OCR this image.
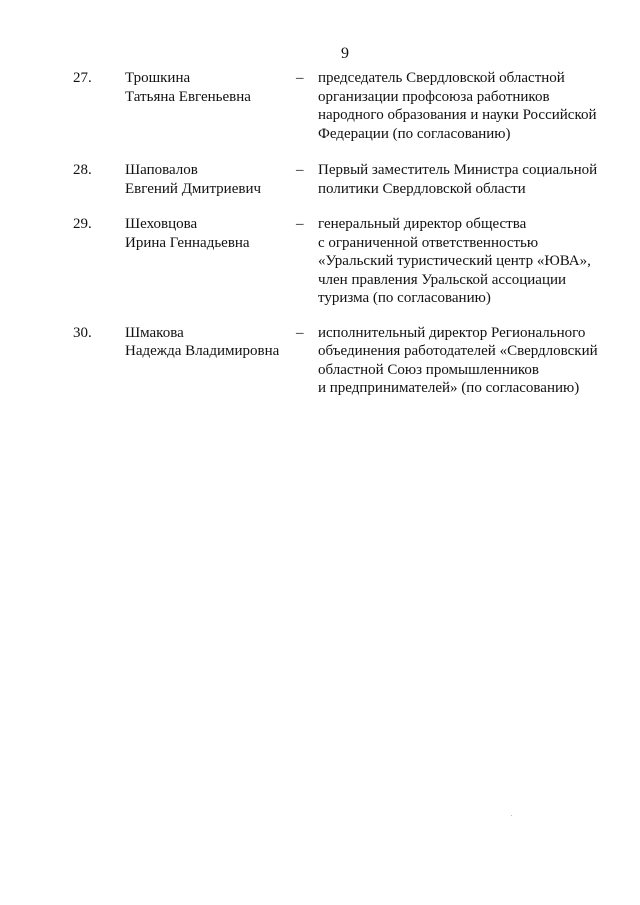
9
27. Трошкина
Татьяна Евгеньевна
– председатель Свердловской областной
организации профсоюза работников
народного образования и науки Российской
Федерации (по согласованию)
28. Шаповалов
Евгений Дмитриевич
– Первый заместитель Министра социальной
политики Свердловской области
29. Шеховцова
Ирина Геннадьевна
– генеральный директор общества
с ограниченной ответственностью
«Уральский туристический центр «ЮВА»,
член правления Уральской ассоциации
туризма (по согласованию)
30. Шмакова
Надежда Владимировна
– исполнительный директор Регионального
объединения работодателей «Свердловский
областной Союз промышленников
и предпринимателей» (по согласованию)
